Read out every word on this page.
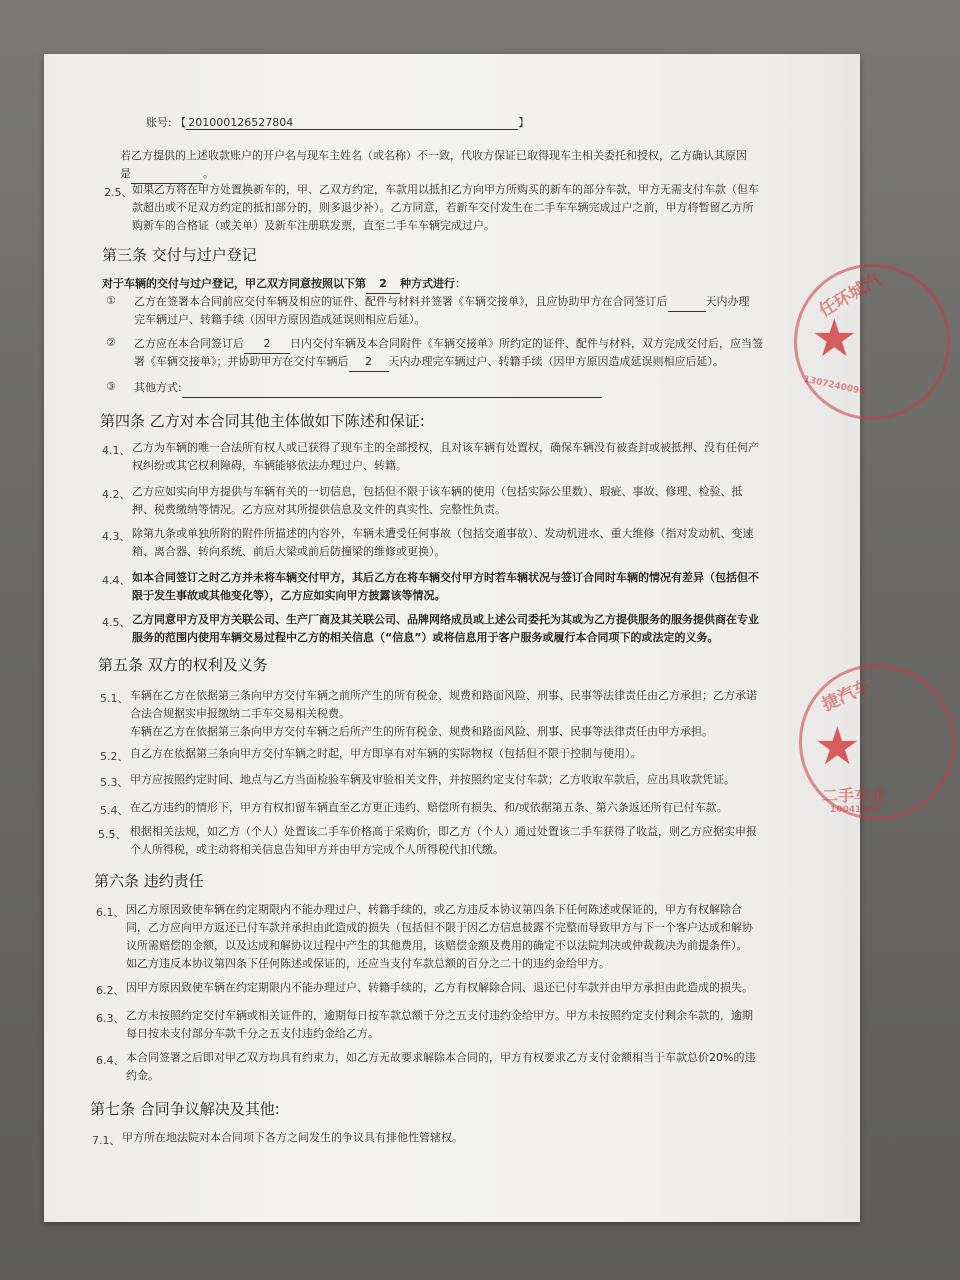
账号: 【 201000126527804	】
若乙方提供的上述收款账户的开户名与现车主姓名（或名称）不一致，代收方保证已取得现车主相关委托和授权，乙方确认其原因
是	。
2.5、 如果乙方将在甲方处置换新车的，甲、乙双方约定，车款用以抵扣乙方向甲方所购买的新车的部分车款，甲方无需支付车款（但车
款超出或不足双方约定的抵扣部分的，则多退少补）。乙方同意，若新车交付发生在二手车车辆完成过户之前，甲方将暂留乙方所
购新车的合格证（或关单）及新车注册联发票，直至二手车车辆完成过户。
第三条 交付与过户登记
对于车辆的交付与过户登记，甲乙双方同意按照以下第 2 种方式进行：
① 乙方在签署本合同前应交付车辆及相应的证件、配件与材料并签署《车辆交接单》，且应协助甲方在合同签订后	天内办理
完车辆过户、转籍手续（因甲方原因造成延误则相应后延）。
② 乙方应在本合同签订后 2 日内交付车辆及本合同附件《车辆交接单》所约定的证件、配件与材料，双方完成交付后，应当签
署《车辆交接单》；并协助甲方在交付车辆后 2 天内办理完车辆过户、转籍手续（因甲方原因造成延误则相应后延）。
③ 其他方式:
第四条 乙方对本合同其他主体做如下陈述和保证:
4.1、 乙方为车辆的唯一合法所有权人或已获得了现车主的全部授权，且对该车辆有处置权，确保车辆没有被查封或被抵押、没有任何产
权纠纷或其它权利障碍，车辆能够依法办理过户、转籍。
4.2、 乙方应如实向甲方提供与车辆有关的一切信息，包括但不限于该车辆的使用（包括实际公里数）、瑕疵、事故、修理、检验、抵
押、税费缴纳等情况。乙方应对其所提供信息及文件的真实性、完整性负责。
4.3、 除第九条或单独所附的附件所描述的内容外，车辆未遭受任何事故（包括交通事故）、发动机进水、重大维修（指对发动机、变速
箱、离合器、转向系统、前后大梁或前后防撞梁的维修或更换）。
4.4、 如本合同签订之时乙方并未将车辆交付甲方，其后乙方在将车辆交付甲方时若车辆状况与签订合同时车辆的情况有差异（包括但不
限于发生事故或其他变化等），乙方应如实向甲方披露该等情况。
4.5、 乙方同意甲方及甲方关联公司、生产厂商及其关联公司、品牌网络成员或上述公司委托为其或为乙方提供服务的服务提供商在专业
服务的范围内使用车辆交易过程中乙方的相关信息（“信息”）或将信息用于客户服务或履行本合同项下的或法定的义务。
第五条 双方的权利及义务
5.1、 车辆在乙方在依据第三条向甲方交付车辆之前所产生的所有税金、规费和路面风险、刑事、民事等法律责任由乙方承担；乙方承诺
合法合规据实申报缴纳二手车交易相关税费。
车辆在乙方在依据第三条向甲方交付车辆之后所产生的所有税金、规费和路面风险、刑事、民事等法律责任由甲方承担。
5.2、 自乙方在依据第三条向甲方交付车辆之时起，甲方即享有对车辆的实际物权（包括但不限于控制与使用）。
5.3、 甲方应按照约定时间、地点与乙方当面检验车辆及审验相关文件，并按照约定支付车款；乙方收取车款后，应出具收款凭证。
5.4、 在乙方违约的情形下，甲方有权扣留车辆直至乙方更正违约、赔偿所有损失、和/或依据第五条、第六条返还所有已付车款。
5.5、 根据相关法规，如乙方（个人）处置该二手车价格高于采购价，即乙方（个人）通过处置该二手车获得了收益，则乙方应据实申报
个人所得税，或主动将相关信息告知甲方并由甲方完成个人所得税代扣代缴。
第六条 违约责任
6.1、 因乙方原因致使车辆在约定期限内不能办理过户、转籍手续的，或乙方违反本协议第四条下任何陈述或保证的，甲方有权解除合
同，乙方应向甲方返还已付车款并承担由此造成的损失（包括但不限于因乙方信息披露不完整而导致甲方与下一个客户达成和解协
议所需赔偿的金额，以及达成和解协议过程中产生的其他费用，该赔偿金额及费用的确定不以法院判决或仲裁裁决为前提条件）。
如乙方违反本协议第四条下任何陈述或保证的，还应当支付车款总额的百分之二十的违约金给甲方。
6.2、 因甲方原因致使车辆在约定期限内不能办理过户、转籍手续的，乙方有权解除合同、退还已付车款并由甲方承担由此造成的损失。
6.3、 乙方未按照约定交付车辆或相关证件的，逾期每日按车款总额千分之五支付违约金给甲方。甲方未按照约定支付剩余车款的，逾期
每日按未支付部分车款千分之五支付违约金给乙方。
6.4、 本合同签署之后即对甲乙双方均具有约束力，如乙方无故要求解除本合同的，甲方有权要求乙方支付金额相当于车款总价20%的违
约金。
第七条 合同争议解决及其他:
7.1、 甲方所在地法院对本合同项下各方之间发生的争议具有排他性管辖权。
任环城汽
★
1307240096
捷汽车
★
二手车业
10041003
